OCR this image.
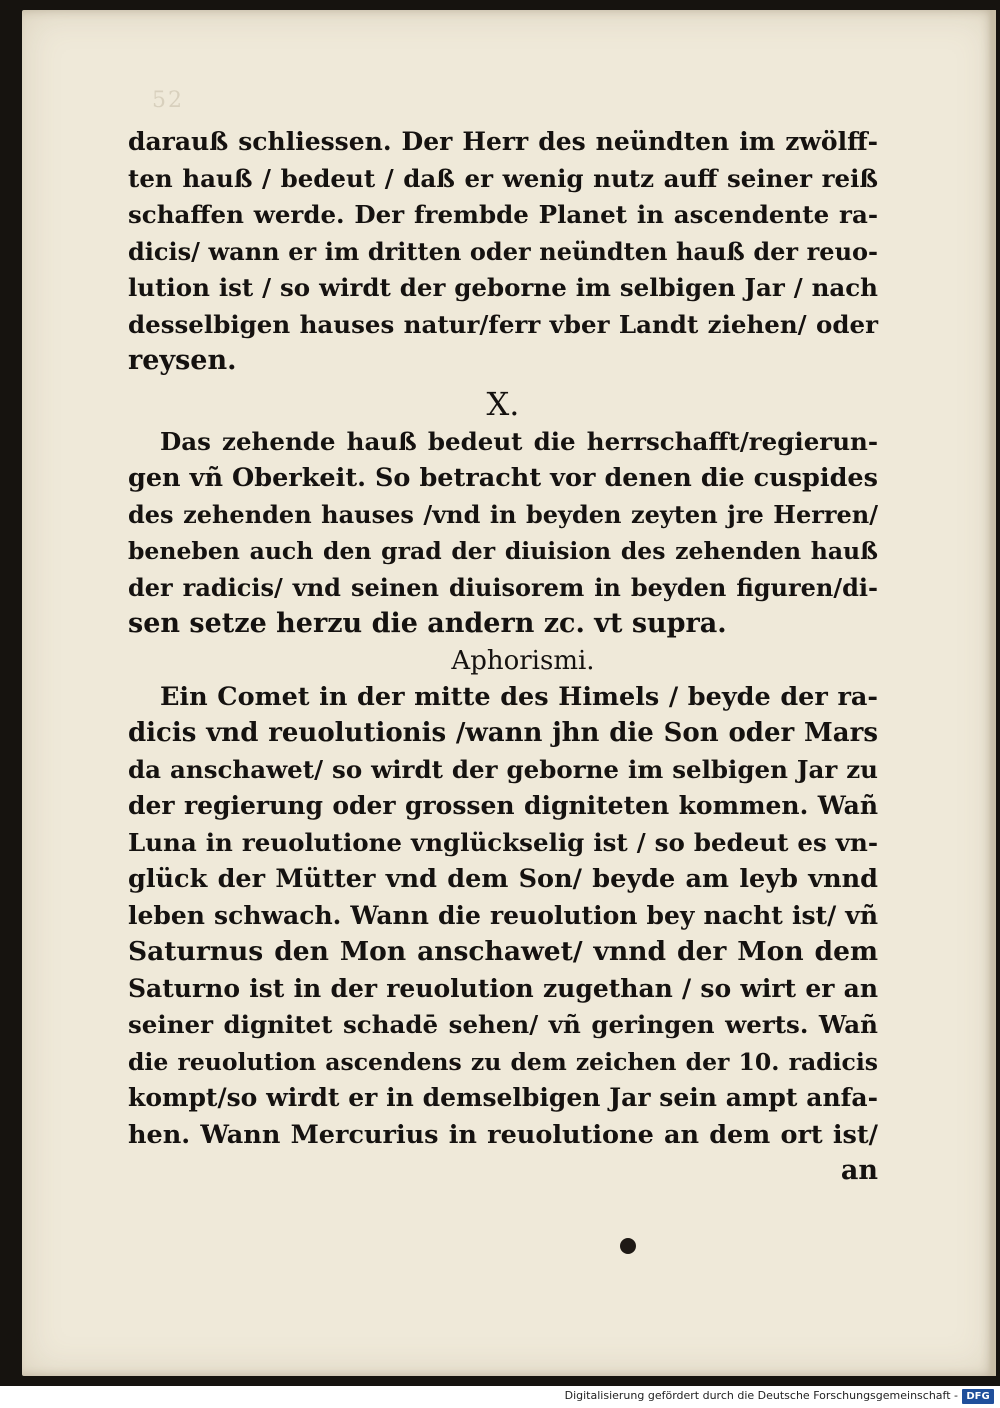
52

darauß schliessen. Der Herr des neündten im zwölff-
ten hauß / bedeut / daß er wenig nutz auff seiner reiß
schaffen werde. Der frembde Planet in ascendente ra-
dicis/ wann er im dritten oder neündten hauß der reuo-
lution ist / so wirdt der geborne im selbigen Jar / nach
desselbigen hauses natur/ferr vber Landt ziehen/ oder
reysen.

X.

Das zehende hauß bedeut die herrschafft/regierun-
gen vñ Oberkeit. So betracht vor denen die cuspides
des zehenden hauses /vnd in beyden zeyten jre Herren/
beneben auch den grad der diuision des zehenden hauß
der radicis/ vnd seinen diuisorem in beyden figuren/di-
sen setze herzu die andern zc. vt supra.

Aphorismi.

Ein Comet in der mitte des Himels / beyde der ra-
dicis vnd reuolutionis /wann jhn die Son oder Mars
da anschawet/ so wirdt der geborne im selbigen Jar zu
der regierung oder grossen digniteten kommen. Wañ
Luna in reuolutione vnglückselig ist / so bedeut es vn-
glück der Mütter vnd dem Son/ beyde am leyb vnnd
leben schwach. Wann die reuolution bey nacht ist/ vñ
Saturnus den Mon anschawet/ vnnd der Mon dem
Saturno ist in der reuolution zugethan / so wirt er an
seiner dignitet schadē sehen/ vñ geringen werts. Wañ
die reuolution ascendens zu dem zeichen der 10. radicis
kompt/so wirdt er in demselbigen Jar sein ampt anfa-
hen. Wann Mercurius in reuolutione an dem ort ist/

an
Digitalisierung gefördert durch die Deutsche Forschungsgemeinschaft - DFG
